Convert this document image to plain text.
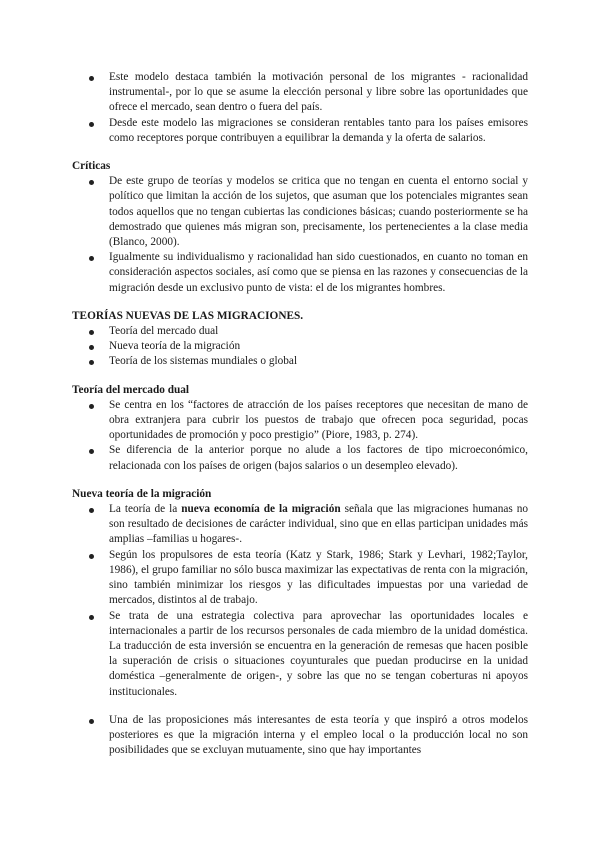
Este modelo destaca también la motivación personal de los migrantes - racionalidad instrumental-, por lo que se asume la elección personal y libre sobre las oportunidades que ofrece el mercado, sean dentro o fuera del país.
Desde este modelo las migraciones se consideran rentables tanto para los países emisores como receptores porque contribuyen a equilibrar la demanda y la oferta de salarios.
Críticas
De este grupo de teorías y modelos se critica que no tengan en cuenta el entorno social y político que limitan la acción de los sujetos, que asuman que los potenciales migrantes sean todos aquellos que no tengan cubiertas las condiciones básicas; cuando posteriormente se ha demostrado que quienes más migran son, precisamente, los pertenecientes a la clase media (Blanco, 2000).
Igualmente su individualismo y racionalidad han sido cuestionados, en cuanto no toman en consideración aspectos sociales, así como que se piensa en las razones y consecuencias de la migración desde un exclusivo punto de vista: el de los migrantes hombres.
TEORÍAS NUEVAS DE LAS MIGRACIONES.
Teoría del mercado dual
Nueva teoría de la migración
Teoría de los sistemas mundiales o global
Teoría del mercado dual
Se centra en los “factores de atracción de los países receptores que necesitan de mano de obra extranjera para cubrir los puestos de trabajo que ofrecen poca seguridad, pocas oportunidades de promoción y poco prestigio” (Piore, 1983, p. 274).
Se diferencia de la anterior porque no alude a los factores de tipo microeconómico, relacionada con los países de origen (bajos salarios o un desempleo elevado).
Nueva teoría de la migración
La teoría de la nueva economía de la migración señala que las migraciones humanas no son resultado de decisiones de carácter individual, sino que en ellas participan unidades más amplias –familias u hogares-.
Según los propulsores de esta teoría (Katz y Stark, 1986; Stark y Levhari, 1982;Taylor, 1986), el grupo familiar no sólo busca maximizar las expectativas de renta con la migración, sino también minimizar los riesgos y las dificultades impuestas por una variedad de mercados, distintos al de trabajo.
Se trata de una estrategia colectiva para aprovechar las oportunidades locales e internacionales a partir de los recursos personales de cada miembro de la unidad doméstica. La traducción de esta inversión se encuentra en la generación de remesas que hacen posible la superación de crisis o situaciones coyunturales que puedan producirse en la unidad doméstica –generalmente de origen-, y sobre las que no se tengan coberturas ni apoyos institucionales.
Una de las proposiciones más interesantes de esta teoría y que inspiró a otros modelos posteriores es que la migración interna y el empleo local o la producción local no son posibilidades que se excluyan mutuamente, sino que hay importantes
